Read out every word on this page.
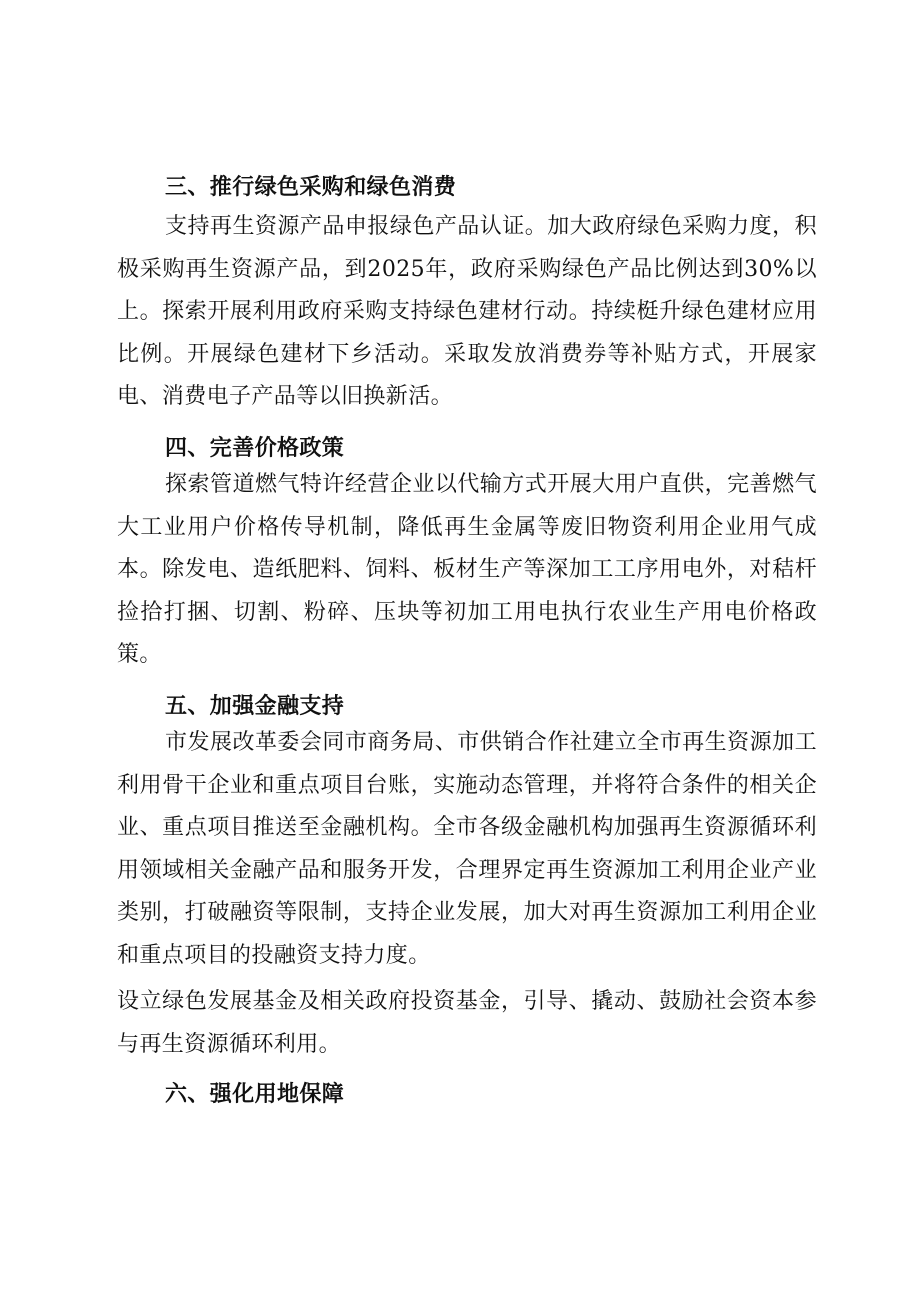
三、推行绿色采购和绿色消费

支持再生资源产品申报绿色产品认证。加大政府绿色采购力度，积极采购再生资源产品，到2025年，政府采购绿色产品比例达到30%以上。探索开展利用政府采购支持绿色建材行动。持续梃升绿色建材应用比例。开展绿色建材下乡活动。采取发放消费券等补贴方式，开展家电、消费电子产品等以旧换新活。

四、完善价格政策

探索管道燃气特许经营企业以代输方式开展大用户直供，完善燃气大工业用户价格传导机制，降低再生金属等废旧物资利用企业用气成本。除发电、造纸肥料、饲料、板材生产等深加工工序用电外，对秸杆捡拾打捆、切割、粉碎、压块等初加工用电执行农业生产用电价格政策。

五、加强金融支持

市发展改革委会同市商务局、市供销合作社建立全市再生资源加工利用骨干企业和重点项目台账，实施动态管理，并将符合条件的相关企业、重点项目推送至金融机构。全市各级金融机构加强再生资源循环利用领域相关金融产品和服务开发，合理界定再生资源加工利用企业产业类别，打破融资等限制，支持企业发展，加大对再生资源加工利用企业和重点项目的投融资支持力度。

设立绿色发展基金及相关政府投资基金，引导、撬动、鼓励社会资本参与再生资源循环利用。

六、强化用地保障
